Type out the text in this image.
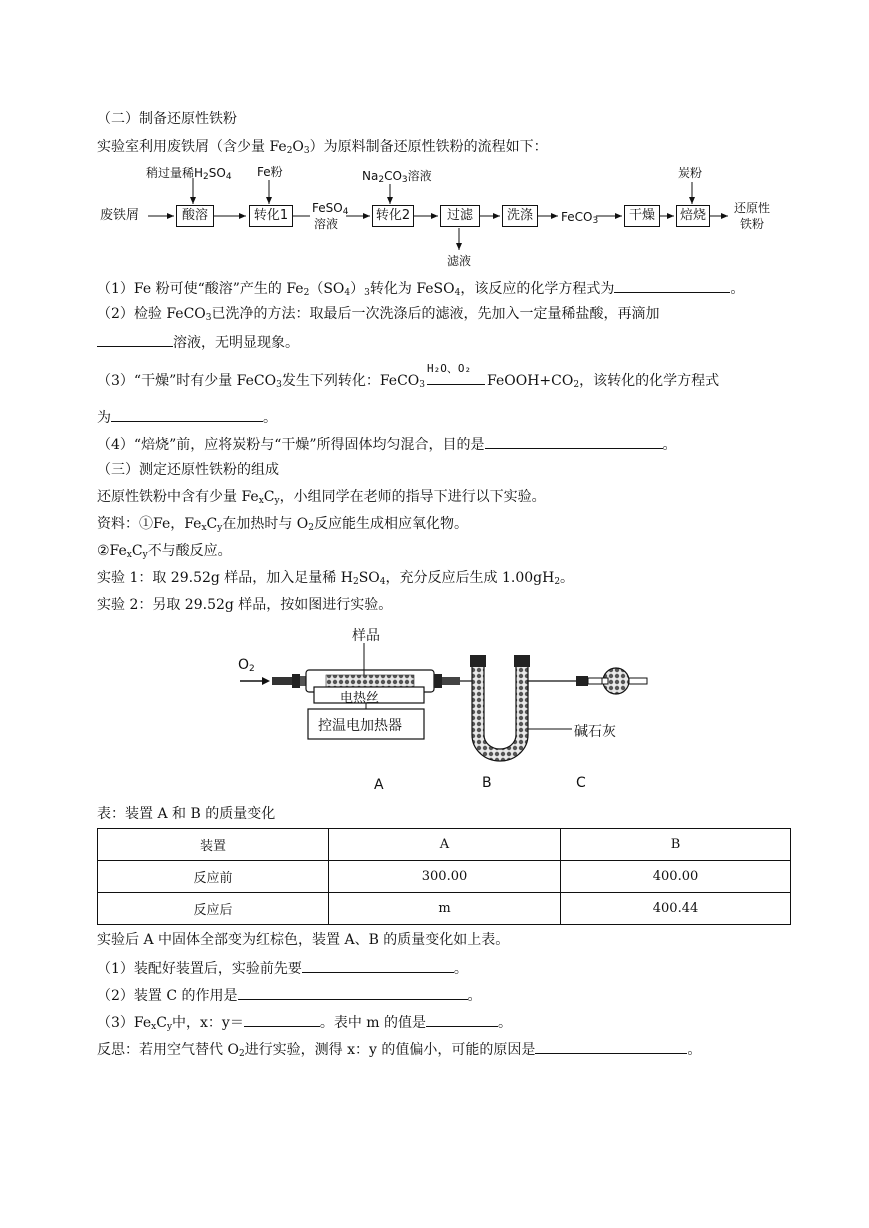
（二）制备还原性铁粉
实验室利用废铁屑（含少量 $Fe_2O_3$）为原料制备还原性铁粉的流程如下：
废铁屑
稍过量稀$H_2SO_4$
酸溶
Fe粉
转化1	FeSO$_4$
溶液
$Na_2CO_3$溶液
转化2	过滤
滤液
洗涤	FeCO$_3$	干燥
炭粉
焙烧	还原性
铁粉
（1）Fe 粉可使“酸溶”产生的 $Fe_2(SO_4)_3$转化为 FeSO$_4$，该反应的化学方程式为	。
（2）检验 FeCO$_3$已洗净的方法：取最后一次洗涤后的滤液，先加入一定量稀盐酸，再滴加
溶液，无明显现象。
（3）“干燥”时有少量 FeCO$_3$发生下列转化：FeCO$_3$
H₂O、O₂
$FeOOH+CO_2$，该转化的化学方程式
为	。
（4）“焙烧”前，应将炭粉与“干燥”所得固体均匀混合，目的是	。
（三）测定还原性铁粉的组成
还原性铁粉中含有少量 $Fe_xC_y$，小组同学在老师的指导下进行以下实验。
资料：①Fe，$Fe_xC_y$在加热时与 $O_2$反应能生成相应氧化物。
$②Fe_xC_y$不与酸反应。
实验 1：取 29.52g 样品，加入足量稀 $H_2SO_4$，充分反应后生成 $1.00gH_2$。
实验 2：另取 29.52g 样品，按如图进行实验。
样品
$O_2$
电热丝
控温电加热器	碱石灰
A	B	C
表：装置 A 和 B 的质量变化
装置	A	B
反应前	300.00	400.00
反应后	m	400.44
实验后 A 中固体全部变为红棕色，装置 A、B 的质量变化如上表。
（1）装配好装置后，实验前先要	。
（2）装置 C 的作用是	。
$(3)Fe_xC_y$中，x：y＝	。表中 m 的值是	。
反思：若用空气替代 $O_2$进行实验，测得 x：y 的值偏小，可能的原因是	。
